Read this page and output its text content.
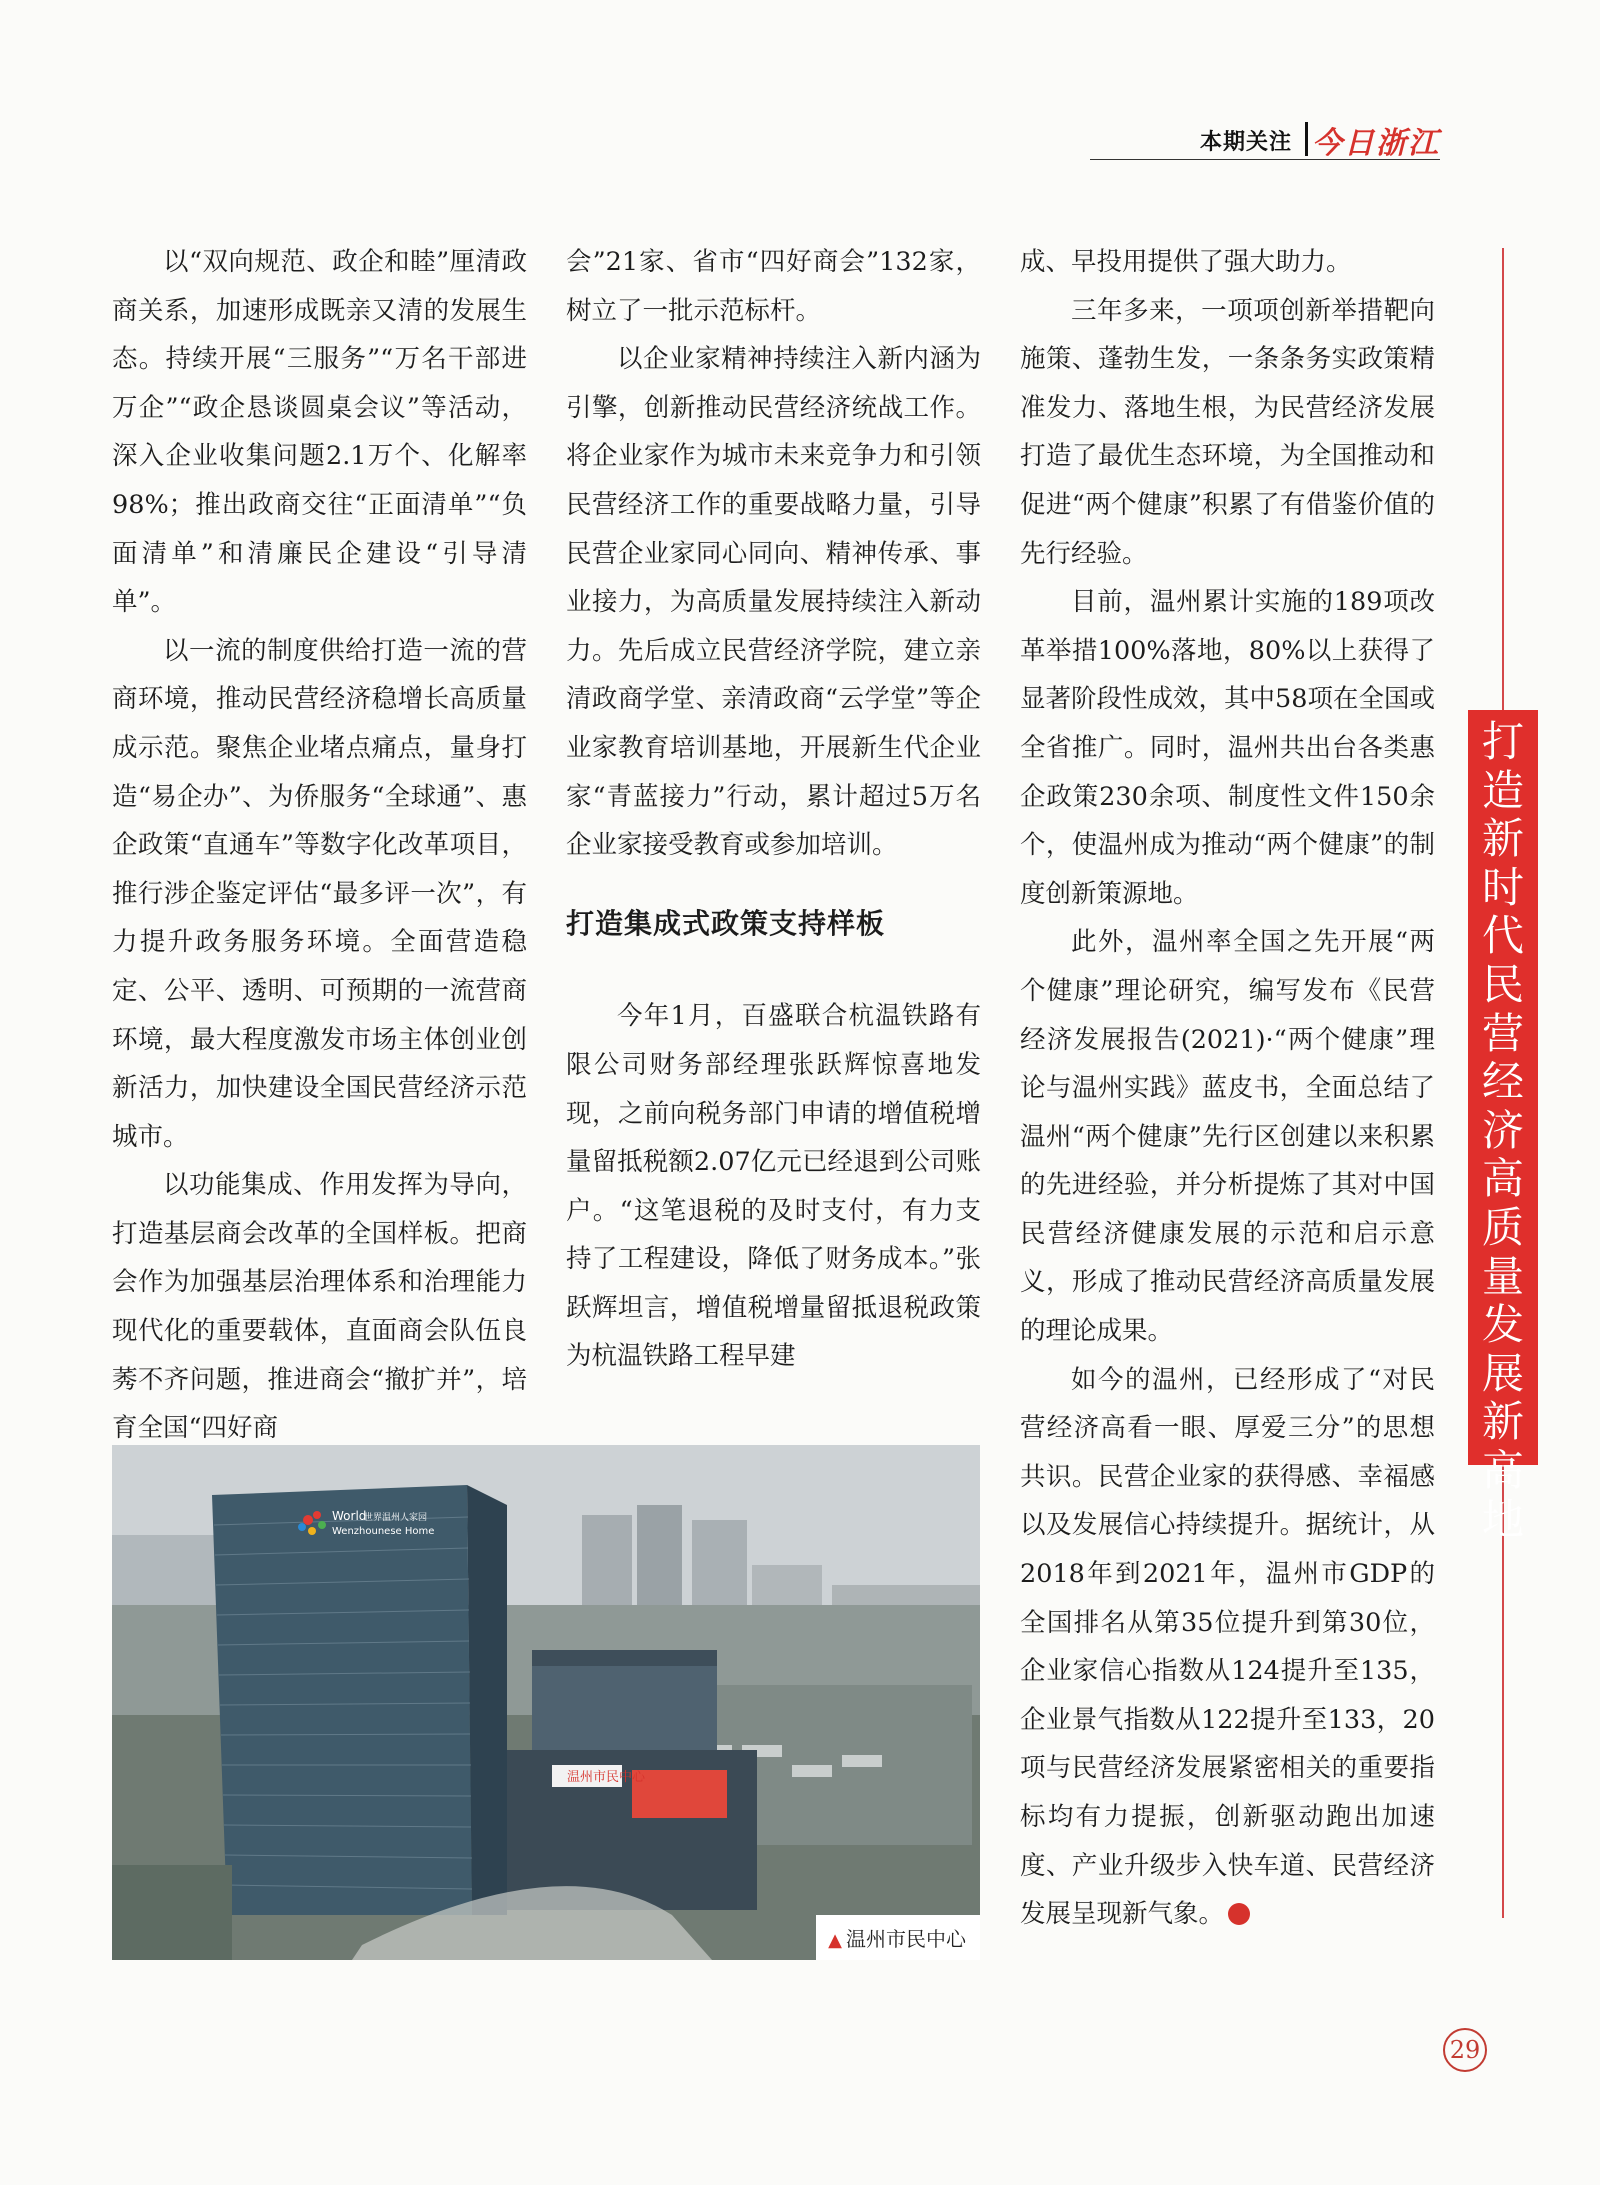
本期关注 今日浙江

以“双向规范、政企和睦”厘清政商关系，加速形成既亲又清的发展生态。持续开展“三服务”“万名干部进万企”“政企恳谈圆桌会议”等活动，深入企业收集问题2.1万个、化解率98%；推出政商交往“正面清单”“负面清单”和清廉民企建设“引导清单”。

以一流的制度供给打造一流的营商环境，推动民营经济稳增长高质量成示范。聚焦企业堵点痛点，量身打造“易企办”、为侨服务“全球通”、惠企政策“直通车”等数字化改革项目，推行涉企鉴定评估“最多评一次”，有力提升政务服务环境。全面营造稳定、公平、透明、可预期的一流营商环境，最大程度激发市场主体创业创新活力，加快建设全国民营经济示范城市。

以功能集成、作用发挥为导向，打造基层商会改革的全国样板。把商会作为加强基层治理体系和治理能力现代化的重要载体，直面商会队伍良莠不齐问题，推进商会“撤扩并”，培育全国“四好商

会”21家、省市“四好商会”132家，树立了一批示范标杆。

以企业家精神持续注入新内涵为引擎，创新推动民营经济统战工作。将企业家作为城市未来竞争力和引领民营经济工作的重要战略力量，引导民营企业家同心同向、精神传承、事业接力，为高质量发展持续注入新动力。先后成立民营经济学院，建立亲清政商学堂、亲清政商“云学堂”等企业家教育培训基地，开展新生代企业家“青蓝接力”行动，累计超过5万名企业家接受教育或参加培训。

打造集成式政策支持样板

今年1月，百盛联合杭温铁路有限公司财务部经理张跃辉惊喜地发现，之前向税务部门申请的增值税增量留抵税额2.07亿元已经退到公司账户。“这笔退税的及时支付，有力支持了工程建设，降低了财务成本。”张跃辉坦言，增值税增量留抵退税政策为杭温铁路工程早建

成、早投用提供了强大助力。

三年多来，一项项创新举措靶向施策、蓬勃生发，一条条务实政策精准发力、落地生根，为民营经济发展打造了最优生态环境，为全国推动和促进“两个健康”积累了有借鉴价值的先行经验。

目前，温州累计实施的189项改革举措100%落地，80%以上获得了显著阶段性成效，其中58项在全国或全省推广。同时，温州共出台各类惠企政策230余项、制度性文件150余个，使温州成为推动“两个健康”的制度创新策源地。

此外，温州率全国之先开展“两个健康”理论研究，编写发布《民营经济发展报告(2021)·“两个健康”理论与温州实践》蓝皮书，全面总结了温州“两个健康”先行区创建以来积累的先进经验，并分析提炼了其对中国民营经济健康发展的示范和启示意义，形成了推动民营经济高质量发展的理论成果。

如今的温州，已经形成了“对民营经济高看一眼、厚爱三分”的思想共识。民营企业家的获得感、幸福感以及发展信心持续提升。据统计，从2018年到2021年，温州市GDP的全国排名从第35位提升到第30位，企业家信心指数从124提升至135，企业景气指数从122提升至133，20项与民营经济发展紧密相关的重要指标均有力提振，创新驱动跑出加速度、产业升级步入快车道、民营经济发展呈现新气象。

打造新时代民营经济高质量发展新高地
World
世界温州人家园
Wenzhounese Home
温州市民中心
▲ 温州市民中心
29
